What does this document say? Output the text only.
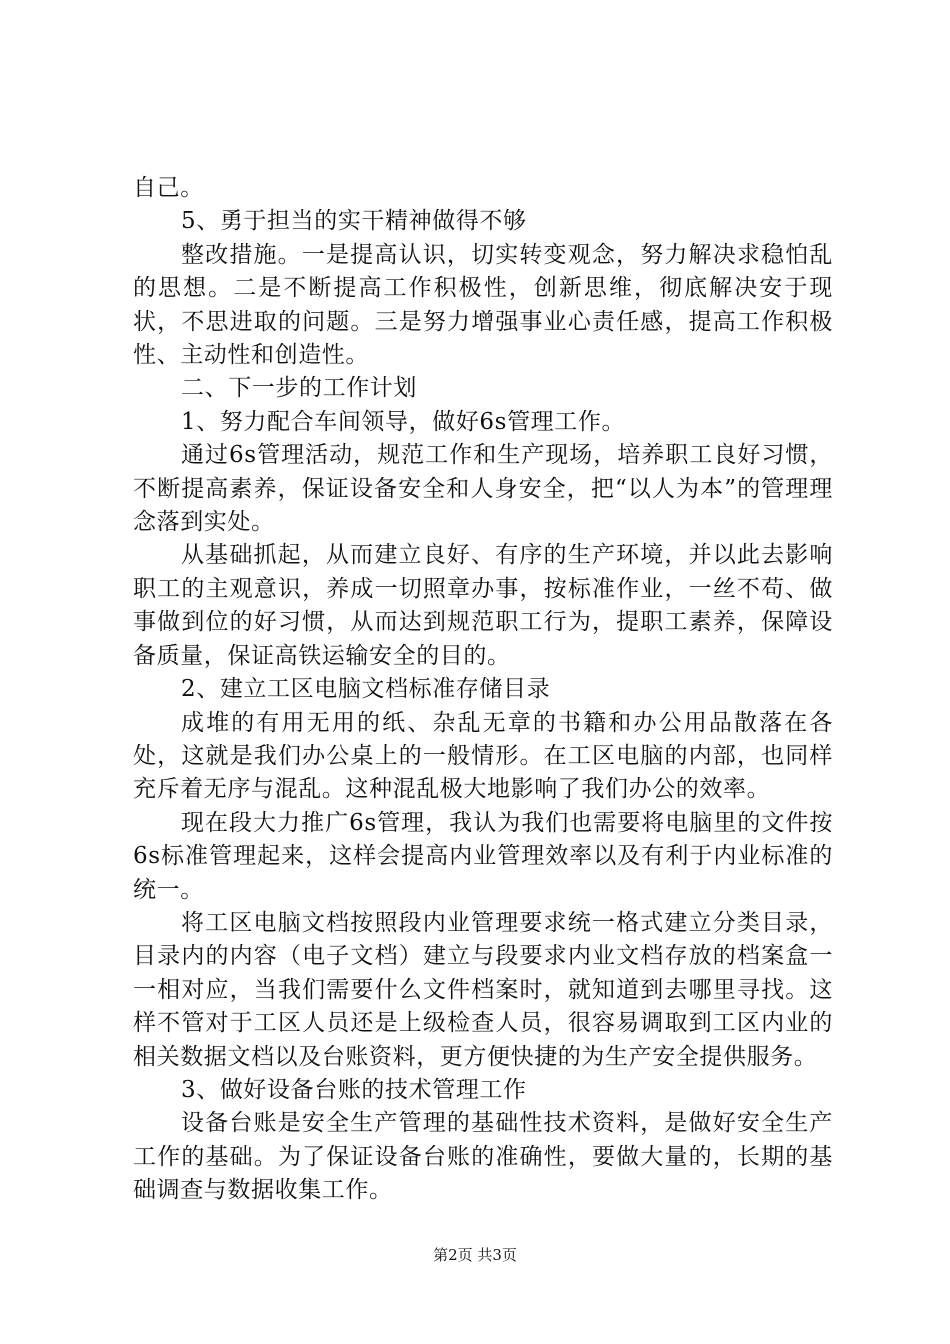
自己。

5、勇于担当的实干精神做得不够

整改措施。一是提高认识，切实转变观念，努力解决求稳怕乱的思想。二是不断提高工作积极性，创新思维，彻底解决安于现状，不思进取的问题。三是努力增强事业心责任感，提高工作积极性、主动性和创造性。

二、下一步的工作计划

1、努力配合车间领导，做好6s管理工作。

通过6s管理活动，规范工作和生产现场，培养职工良好习惯，不断提高素养，保证设备安全和人身安全，把“以人为本”的管理理念落到实处。

从基础抓起，从而建立良好、有序的生产环境，并以此去影响职工的主观意识，养成一切照章办事，按标准作业，一丝不苟、做事做到位的好习惯，从而达到规范职工行为，提职工素养，保障设备质量，保证高铁运输安全的目的。

2、建立工区电脑文档标准存储目录

成堆的有用无用的纸、杂乱无章的书籍和办公用品散落在各处，这就是我们办公桌上的一般情形。在工区电脑的内部，也同样充斥着无序与混乱。这种混乱极大地影响了我们办公的效率。

现在段大力推广6s管理，我认为我们也需要将电脑里的文件按6s标准管理起来，这样会提高内业管理效率以及有利于内业标准的统一。

将工区电脑文档按照段内业管理要求统一格式建立分类目录，目录内的内容（电子文档）建立与段要求内业文档存放的档案盒一一相对应，当我们需要什么文件档案时，就知道到去哪里寻找。这样不管对于工区人员还是上级检查人员，很容易调取到工区内业的相关数据文档以及台账资料，更方便快捷的为生产安全提供服务。

3、做好设备台账的技术管理工作

设备台账是安全生产管理的基础性技术资料，是做好安全生产工作的基础。为了保证设备台账的准确性，要做大量的，长期的基础调查与数据收集工作。

第2页 共3页
